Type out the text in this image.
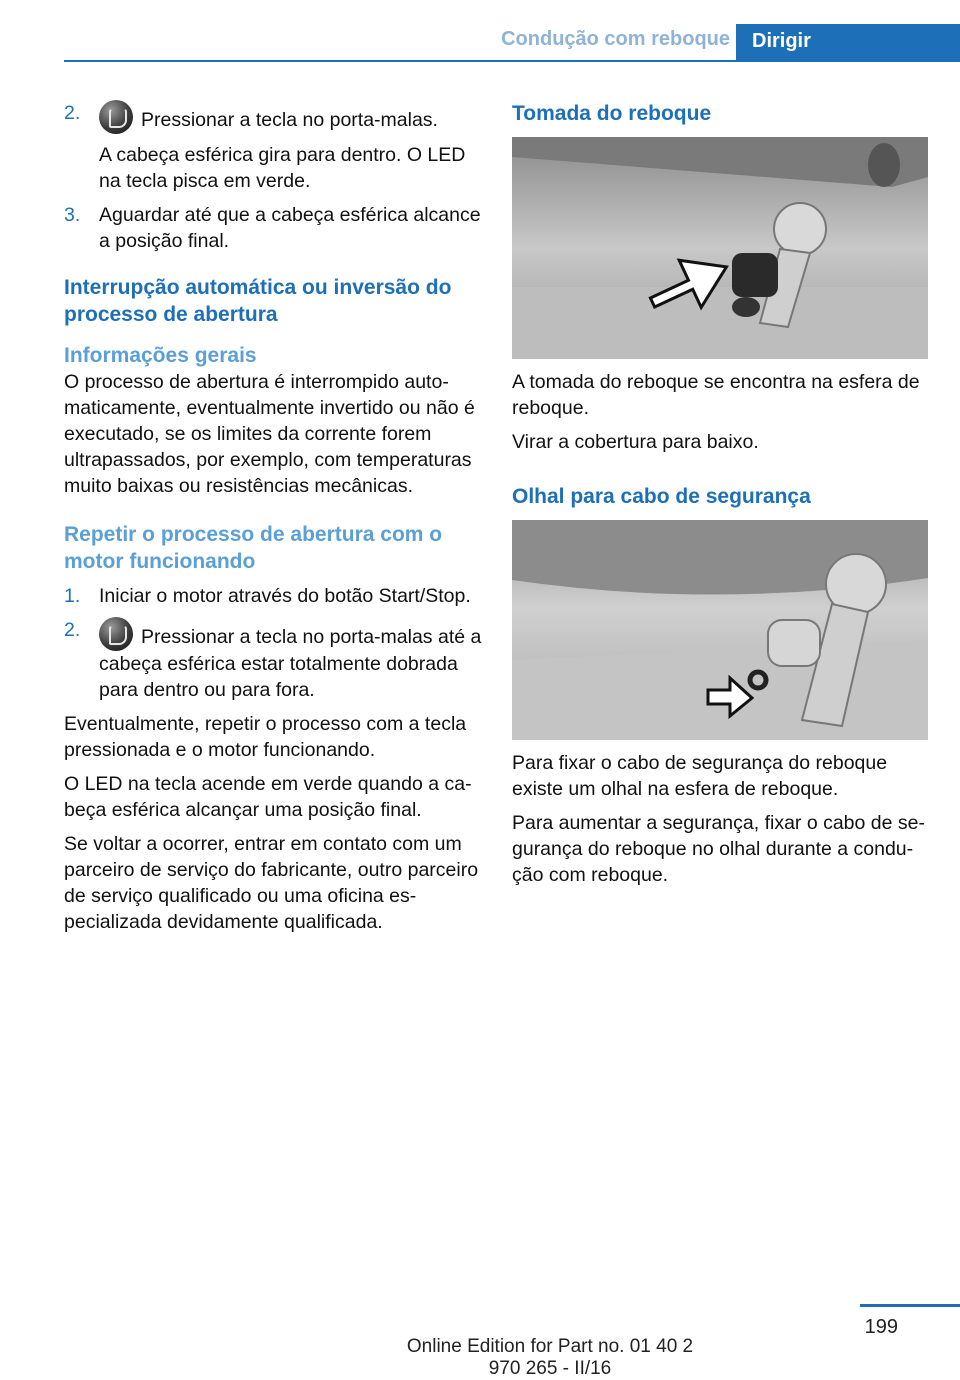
Condução com reboque	Dirigir
2.	Pressionar a tecla no porta-malas.

A cabeça esférica gira para dentro. O LED na tecla pisca em verde.

3. Aguardar até que a cabeça esférica alcance a posição final.

Interrupção automática ou inversão do processo de abertura
Informações gerais

O processo de abertura é interrompido automaticamente, eventualmente invertido ou não é executado, se os limites da corrente forem ultrapassados, por exemplo, com temperaturas muito baixas ou resistências mecânicas.

Repetir o processo de abertura com o motor funcionando
1. Iniciar o motor através do botão Start/Stop.

2.	Pressionar a tecla no porta-malas até a cabeça esférica estar totalmente dobrada para dentro ou para fora.

Eventualmente, repetir o processo com a tecla pressionada e o motor funcionando.

O LED na tecla acende em verde quando a cabeça esférica alcançar uma posição final.

Se voltar a ocorrer, entrar em contato com um parceiro de serviço do fabricante, outro parceiro de serviço qualificado ou uma oficina especializada devidamente qualificada.

Tomada do reboque

A tomada do reboque se encontra na esfera de reboque.

Virar a cobertura para baixo.

Olhal para cabo de segurança

Para fixar o cabo de segurança do reboque existe um olhal na esfera de reboque.

Para aumentar a segurança, fixar o cabo de segurança do reboque no olhal durante a condução com reboque.

199
Online Edition for Part no. 01 40 2 970 265 - II/16
